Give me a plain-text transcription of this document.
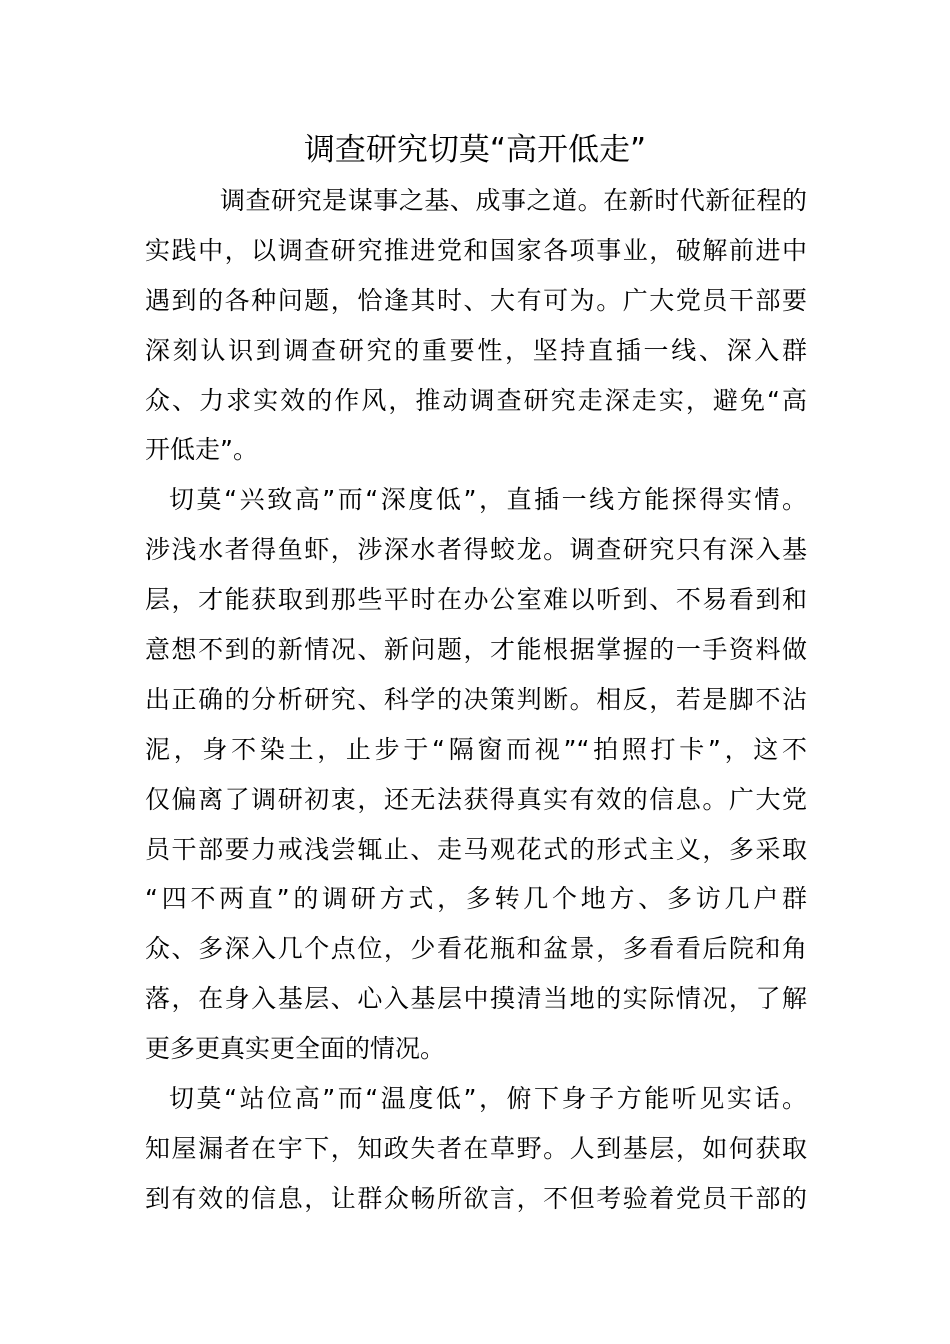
调查研究切莫“高开低走”
调查研究是谋事之基、成事之道。在新时代新征程的
实践中，以调查研究推进党和国家各项事业，破解前进中
遇到的各种问题，恰逢其时、大有可为。广大党员干部要
深刻认识到调查研究的重要性，坚持直插一线、深入群
众、力求实效的作风，推动调查研究走深走实，避免“高
开低走”。
切莫“兴致高”而“深度低”，直插一线方能探得实情。
涉浅水者得鱼虾，涉深水者得蛟龙。调查研究只有深入基
层，才能获取到那些平时在办公室难以听到、不易看到和
意想不到的新情况、新问题，才能根据掌握的一手资料做
出正确的分析研究、科学的决策判断。相反，若是脚不沾
泥，身不染土，止步于“隔窗而视”“拍照打卡”，这不
仅偏离了调研初衷，还无法获得真实有效的信息。广大党
员干部要力戒浅尝辄止、走马观花式的形式主义，多采取
“四不两直”的调研方式，多转几个地方、多访几户群
众、多深入几个点位，少看花瓶和盆景，多看看后院和角
落，在身入基层、心入基层中摸清当地的实际情况，了解
更多更真实更全面的情况。
切莫“站位高”而“温度低”，俯下身子方能听见实话。
知屋漏者在宇下，知政失者在草野。人到基层，如何获取
到有效的信息，让群众畅所欲言，不但考验着党员干部的
